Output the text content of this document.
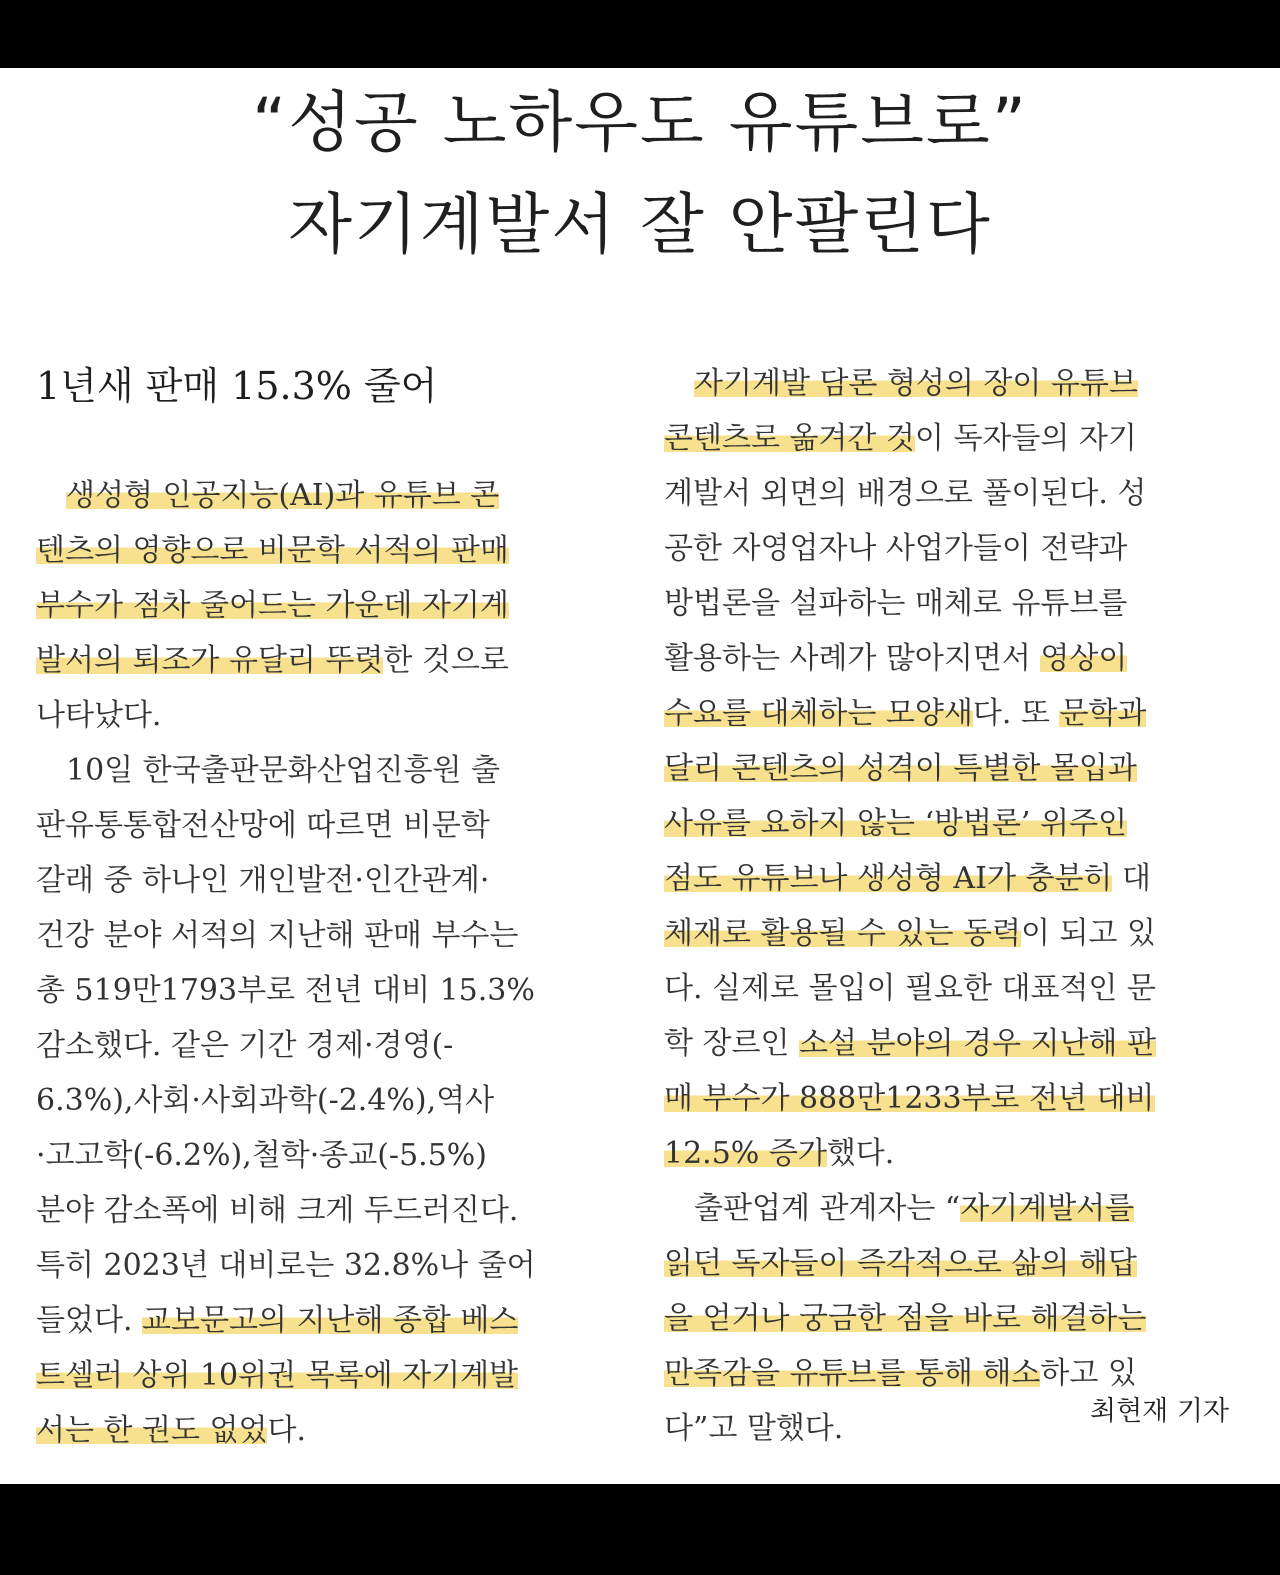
“성공 노하우도 유튜브로”
자기계발서 잘 안팔린다
1년새 판매 15.3% 줄어
　생성형 인공지능(AI)과 유튜브 콘
텐츠의 영향으로 비문학 서적의 판매
부수가 점차 줄어드는 가운데 자기계
발서의 퇴조가 유달리 뚜렷한 것으로
나타났다.
　10일 한국출판문화산업진흥원 출
판유통통합전산망에 따르면 비문학
갈래 중 하나인 개인발전·인간관계·
건강 분야 서적의 지난해 판매 부수는
총 519만1793부로 전년 대비 15.3%
감소했다. 같은 기간 경제·경영(-
6.3%),사회·사회과학(-2.4%),역사
·고고학(-6.2%),철학·종교(-5.5%)
분야 감소폭에 비해 크게 두드러진다.
특히 2023년 대비로는 32.8%나 줄어
들었다. 교보문고의 지난해 종합 베스
트셀러 상위 10위권 목록에 자기계발
서는 한 권도 없었다.
　자기계발 담론 형성의 장이 유튜브
콘텐츠로 옮겨간 것이 독자들의 자기
계발서 외면의 배경으로 풀이된다. 성
공한 자영업자나 사업가들이 전략과
방법론을 설파하는 매체로 유튜브를
활용하는 사례가 많아지면서 영상이
수요를 대체하는 모양새다. 또 문학과
달리 콘텐츠의 성격이 특별한 몰입과
사유를 요하지 않는 ‘방법론’ 위주인
점도 유튜브나 생성형 AI가 충분히 대
체재로 활용될 수 있는 동력이 되고 있
다. 실제로 몰입이 필요한 대표적인 문
학 장르인 소설 분야의 경우 지난해 판
매 부수가 888만1233부로 전년 대비
12.5% 증가했다.
　출판업계 관계자는 “자기계발서를
읽던 독자들이 즉각적으로 삶의 해답
을 얻거나 궁금한 점을 바로 해결하는
만족감을 유튜브를 통해 해소하고 있
다”고 말했다.	최현재 기자
